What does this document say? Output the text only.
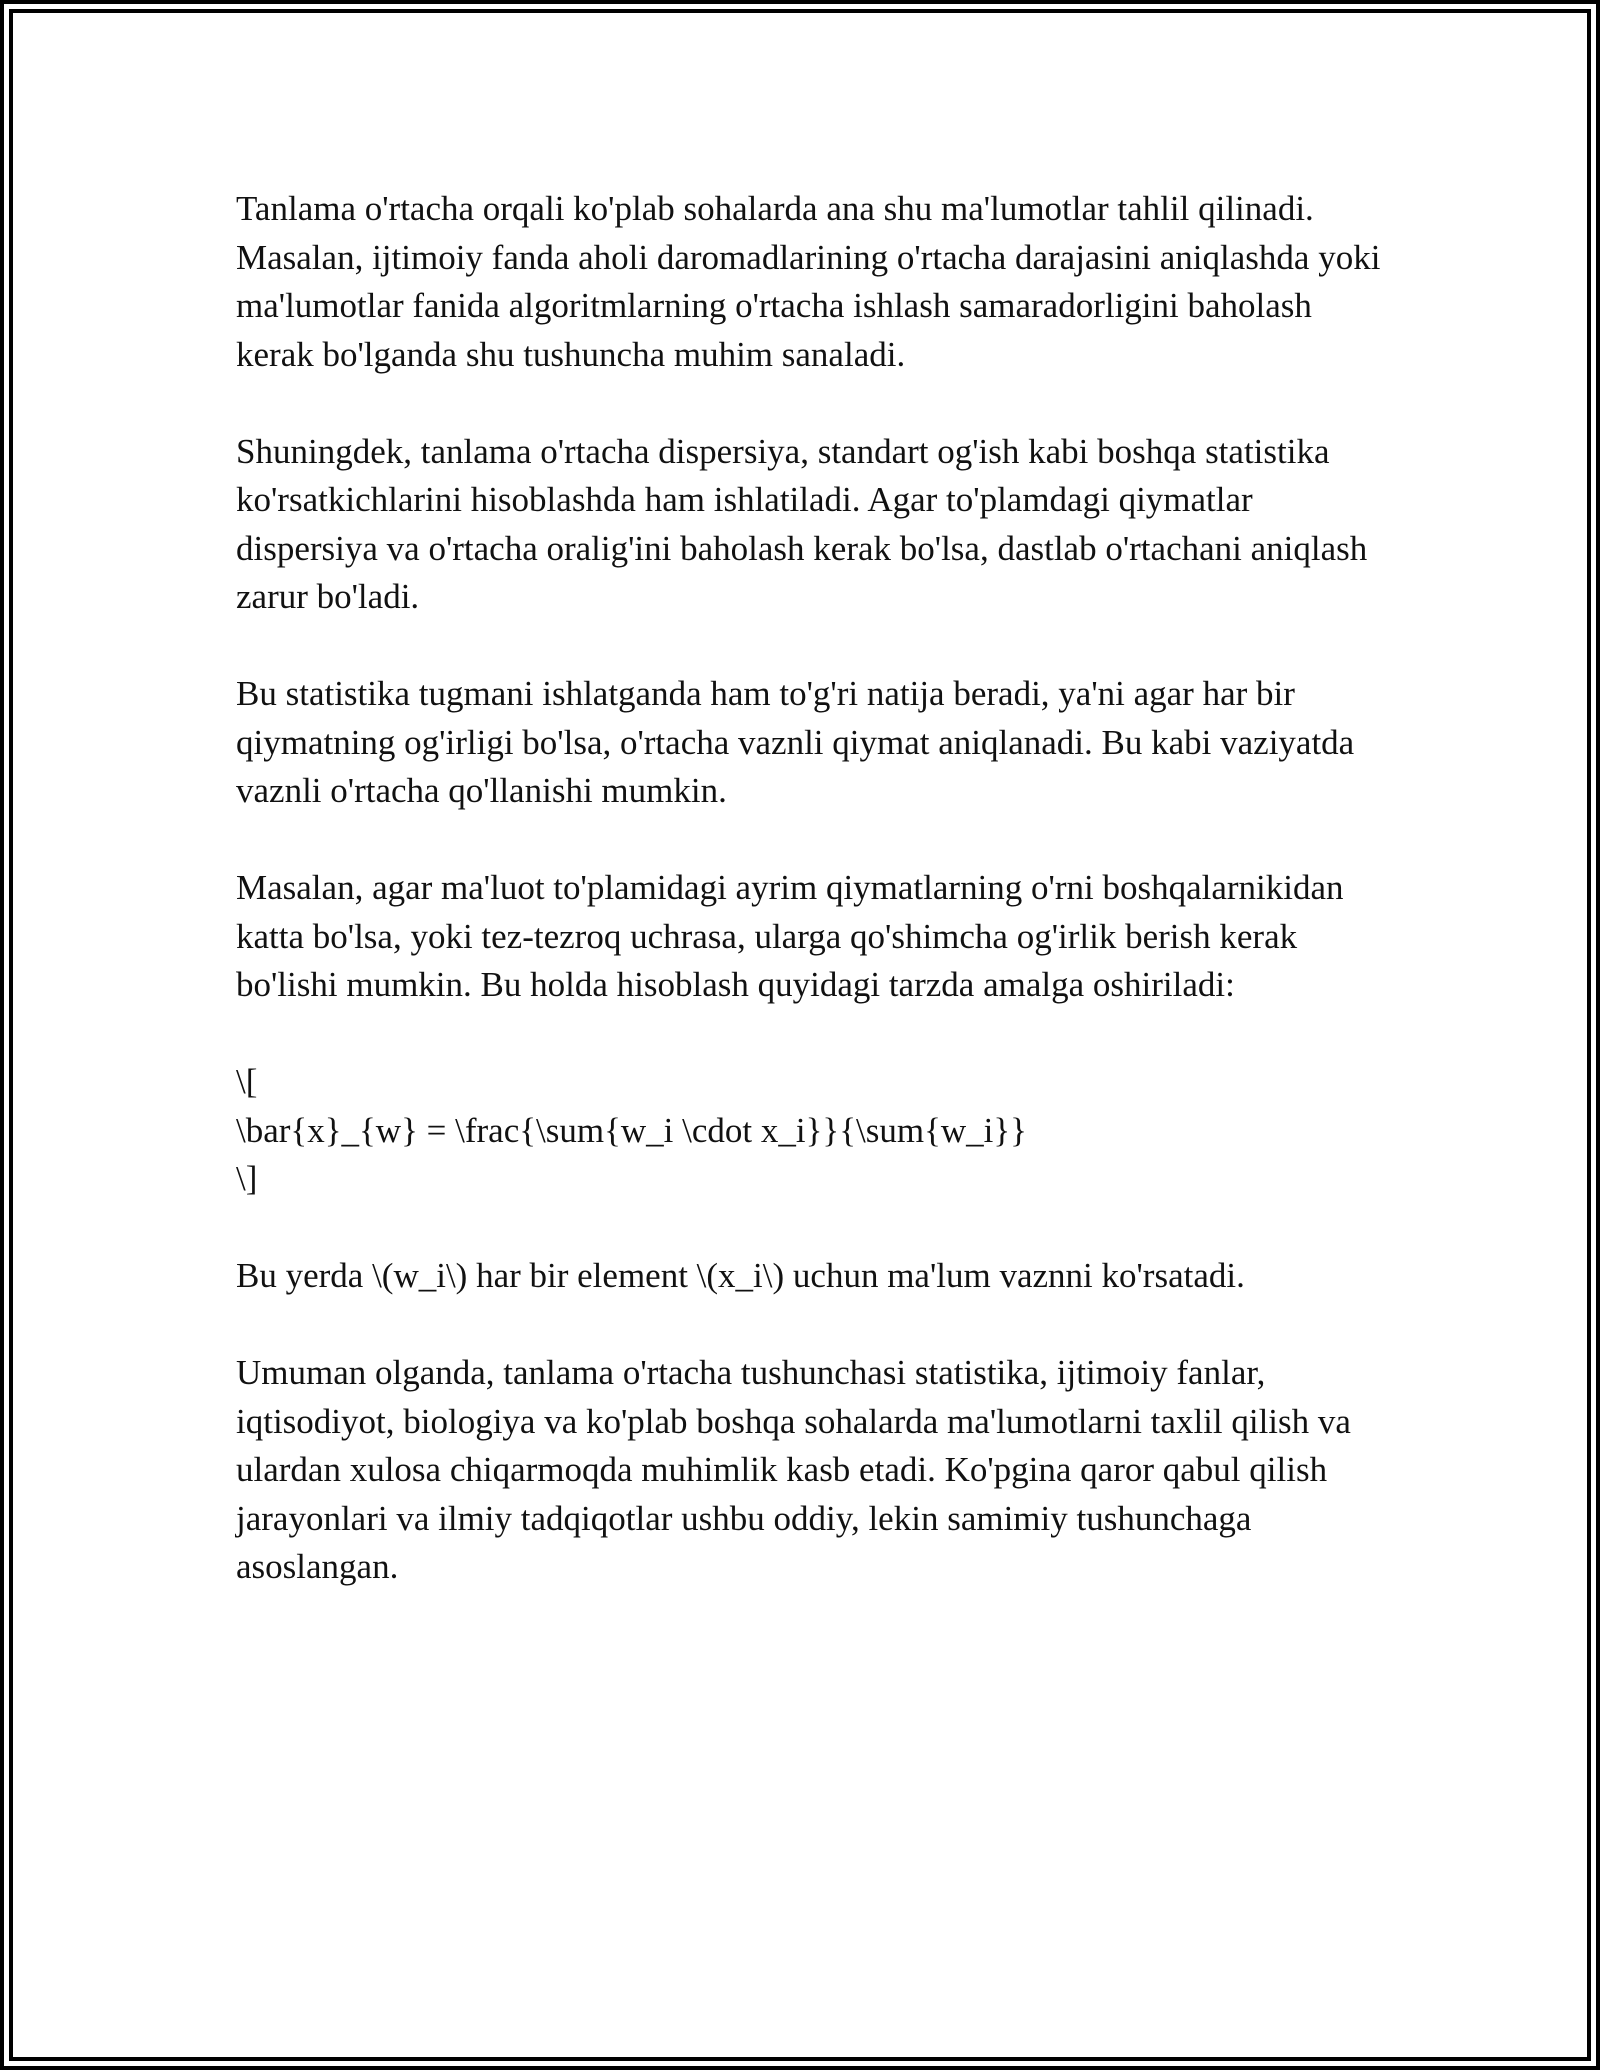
Tanlama o'rtacha orqali ko'plab sohalarda ana shu ma'lumotlar tahlil qilinadi. Masalan, ijtimoiy fanda aholi daromadlarining o'rtacha darajasini aniqlashda yoki ma'lumotlar fanida algoritmlarning o'rtacha ishlash samaradorligini baholash kerak bo'lganda shu tushuncha muhim sanaladi.

Shuningdek, tanlama o'rtacha dispersiya, standart og'ish kabi boshqa statistika ko'rsatkichlarini hisoblashda ham ishlatiladi. Agar to'plamdagi qiymatlar dispersiya va o'rtacha oralig'ini baholash kerak bo'lsa, dastlab o'rtachani aniqlash zarur bo'ladi.

Bu statistika tugmani ishlatganda ham to'g'ri natija beradi, ya'ni agar har bir qiymatning og'irligi bo'lsa, o'rtacha vaznli qiymat aniqlanadi. Bu kabi vaziyatda vaznli o'rtacha qo'llanishi mumkin.

Masalan, agar ma'luot to'plamidagi ayrim qiymatlarning o'rni boshqalarnikidan katta bo'lsa, yoki tez-tezroq uchrasa, ularga qo'shimcha og'irlik berish kerak bo'lishi mumkin. Bu holda hisoblash quyidagi tarzda amalga oshiriladi:

\[
\bar{x}_{w} = \frac{\sum{w_i \cdot x_i}}{\sum{w_i}}
\]

Bu yerda \(w_i\) har bir element \(x_i\) uchun ma'lum vaznni ko'rsatadi.

Umuman olganda, tanlama o'rtacha tushunchasi statistika, ijtimoiy fanlar, iqtisodiyot, biologiya va ko'plab boshqa sohalarda ma'lumotlarni taxlil qilish va ulardan xulosa chiqarmoqda muhimlik kasb etadi. Ko'pgina qaror qabul qilish jarayonlari va ilmiy tadqiqotlar ushbu oddiy, lekin samimiy tushunchaga asoslangan.
